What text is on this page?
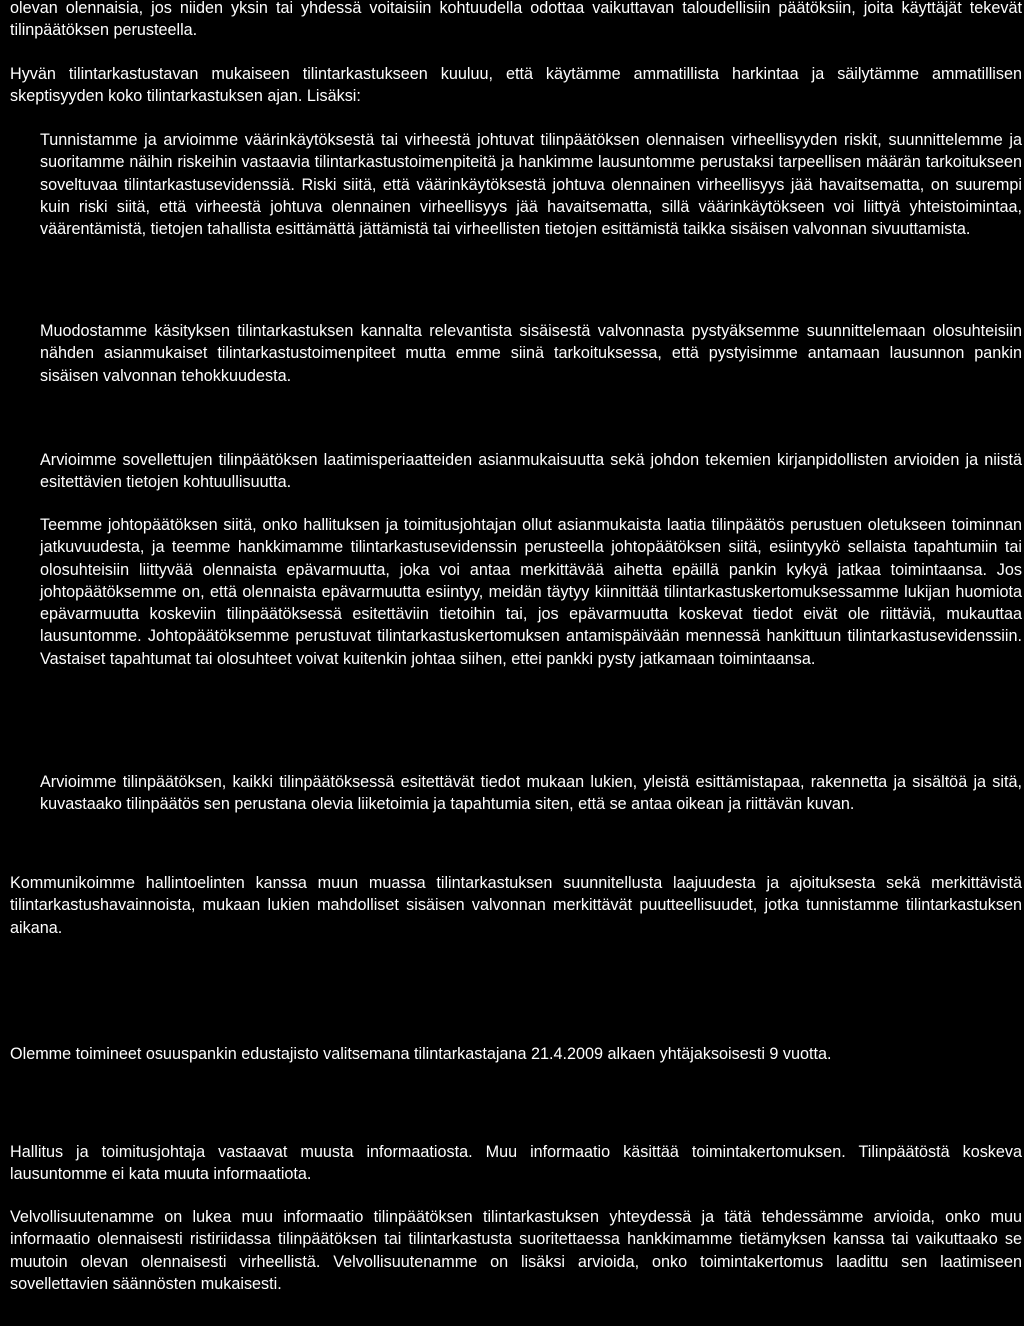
olevan olennaisia, jos niiden yksin tai yhdessä voitaisiin kohtuudella odottaa vaikuttavan taloudellisiin päätöksiin, joita käyttäjät tekevät tilinpäätöksen perusteella.

Hyvän tilintarkastustavan mukaiseen tilintarkastukseen kuuluu, että käytämme ammatillista harkintaa ja säilytämme ammatillisen skeptisyyden koko tilintarkastuksen ajan. Lisäksi:

Tunnistamme ja arvioimme väärinkäytöksestä tai virheestä johtuvat tilinpäätöksen olennaisen virheellisyyden riskit, suunnittelemme ja suoritamme näihin riskeihin vastaavia tilintarkastustoimenpiteitä ja hankimme lausuntomme perustaksi tarpeellisen määrän tarkoitukseen soveltuvaa tilintarkastusevidenssiä. Riski siitä, että väärinkäytöksestä johtuva olennainen virheellisyys jää havaitsematta, on suurempi kuin riski siitä, että virheestä johtuva olennainen virheellisyys jää havaitsematta, sillä väärinkäytökseen voi liittyä yhteistoimintaa, väärentämistä, tietojen tahallista esittämättä jättämistä tai virheellisten tietojen esittämistä taikka sisäisen valvonnan sivuuttamista.

Muodostamme käsityksen tilintarkastuksen kannalta relevantista sisäisestä valvonnasta pystyäksemme suunnittelemaan olosuhteisiin nähden asianmukaiset tilintarkastustoimenpiteet mutta emme siinä tarkoituksessa, että pystyisimme antamaan lausunnon pankin sisäisen valvonnan tehokkuudesta.

Arvioimme sovellettujen tilinpäätöksen laatimisperiaatteiden asianmukaisuutta sekä johdon tekemien kirjanpidollisten arvioiden ja niistä esitettävien tietojen kohtuullisuutta.

Teemme johtopäätöksen siitä, onko hallituksen ja toimitusjohtajan ollut asianmukaista laatia tilinpäätös perustuen oletukseen toiminnan jatkuvuudesta, ja teemme hankkimamme tilintarkastusevidenssin perusteella johtopäätöksen siitä, esiintyykö sellaista tapahtumiin tai olosuhteisiin liittyvää olennaista epävarmuutta, joka voi antaa merkittävää aihetta epäillä pankin kykyä jatkaa toimintaansa. Jos johtopäätöksemme on, että olennaista epävarmuutta esiintyy, meidän täytyy kiinnittää tilintarkastuskertomuksessamme lukijan huomiota epävarmuutta koskeviin tilinpäätöksessä esitettäviin tietoihin tai, jos epävarmuutta koskevat tiedot eivät ole riittäviä, mukauttaa lausuntomme. Johtopäätöksemme perustuvat tilintarkastuskertomuksen antamispäivään mennessä hankittuun tilintarkastusevidenssiin. Vastaiset tapahtumat tai olosuhteet voivat kuitenkin johtaa siihen, ettei pankki pysty jatkamaan toimintaansa.

Arvioimme tilinpäätöksen, kaikki tilinpäätöksessä esitettävät tiedot mukaan lukien, yleistä esittämistapaa, rakennetta ja sisältöä ja sitä, kuvastaako tilinpäätös sen perustana olevia liiketoimia ja tapahtumia siten, että se antaa oikean ja riittävän kuvan.

Kommunikoimme hallintoelinten kanssa muun muassa tilintarkastuksen suunnitellusta laajuudesta ja ajoituksesta sekä merkittävistä tilintarkastushavainnoista, mukaan lukien mahdolliset sisäisen valvonnan merkittävät puutteellisuudet, jotka tunnistamme tilintarkastuksen aikana.

Olemme toimineet osuuspankin edustajisto valitsemana tilintarkastajana 21.4.2009 alkaen yhtäjaksoisesti 9 vuotta.

Hallitus ja toimitusjohtaja vastaavat muusta informaatiosta. Muu informaatio käsittää toimintakertomuksen. Tilinpäätöstä koskeva lausuntomme ei kata muuta informaatiota.

Velvollisuutenamme on lukea muu informaatio tilinpäätöksen tilintarkastuksen yhteydessä ja tätä tehdessämme arvioida, onko muu informaatio olennaisesti ristiriidassa tilinpäätöksen tai tilintarkastusta suoritettaessa hankkimamme tietämyksen kanssa tai vaikuttaako se muutoin olevan olennaisesti virheellistä. Velvollisuutenamme on lisäksi arvioida, onko toimintakertomus laadittu sen laatimiseen sovellettavien säännösten mukaisesti.
